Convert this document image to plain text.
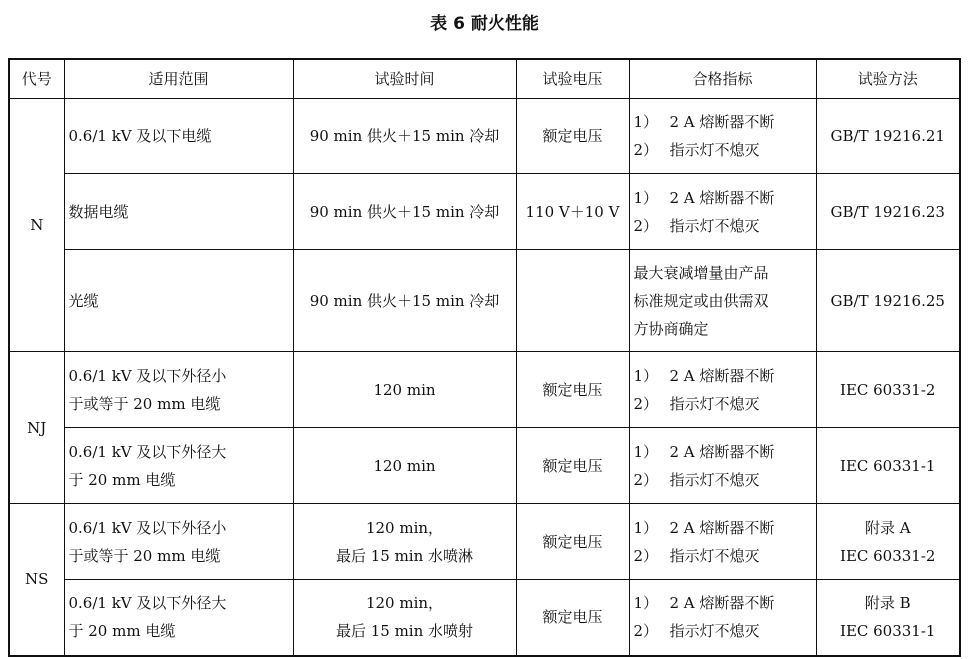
表 6 耐火性能
代号	适用范围	试验时间	试验电压	合格指标	试验方法
N	0.6/1 kV 及以下电缆	90 min 供火＋15 min 冷却	额定电压	1） 2 A 熔断器不断
2） 指示灯不熄灭	GB/T 19216.21

	数据电缆	90 min 供火＋15 min 冷却	110 V＋10 V	1） 2 A 熔断器不断
2） 指示灯不熄灭	GB/T 19216.23

	光缆	90 min 供火＋15 min 冷却		最大衰减增量由产品
标准规定或由供需双
方协商确定	GB/T 19216.25

NJ	0.6/1 kV 及以下外径小
于或等于 20 mm 电缆	120 min	额定电压	1） 2 A 熔断器不断
2） 指示灯不熄灭	IEC 60331-2

	0.6/1 kV 及以下外径大
于 20 mm 电缆	120 min	额定电压	1） 2 A 熔断器不断
2） 指示灯不熄灭	IEC 60331-1

NS	0.6/1 kV 及以下外径小
于或等于 20 mm 电缆	120 min，
最后 15 min 水喷淋	额定电压	1） 2 A 熔断器不断
2） 指示灯不熄灭	附录 A
IEC 60331-2

	0.6/1 kV 及以下外径大
于 20 mm 电缆	120 min，
最后 15 min 水喷射	额定电压	1） 2 A 熔断器不断
2） 指示灯不熄灭	附录 B
IEC 60331-1
